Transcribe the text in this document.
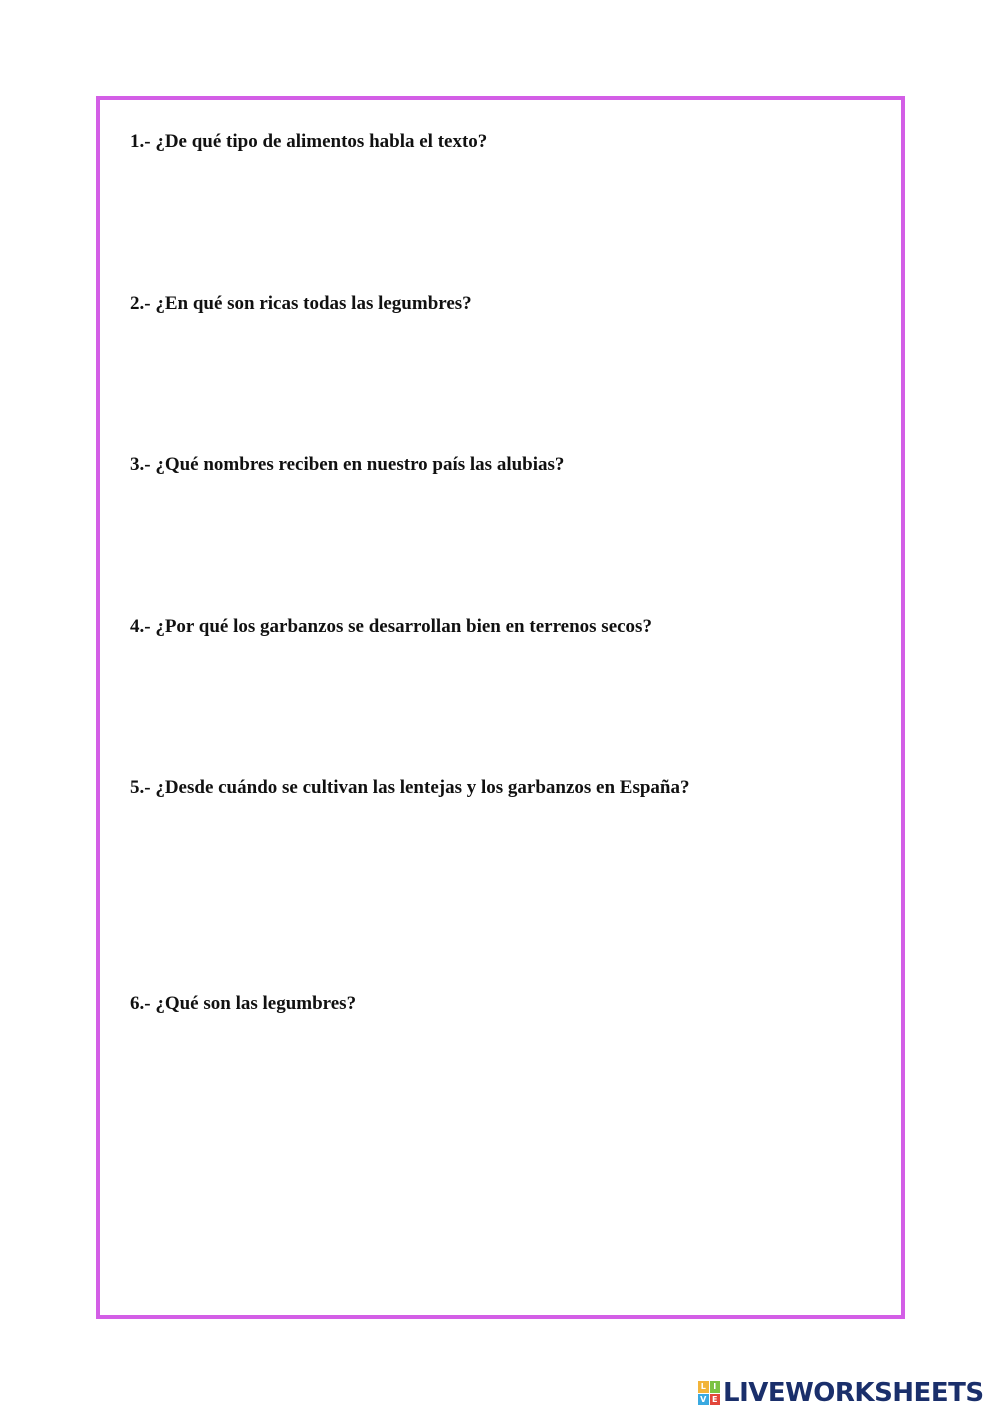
1.- ¿De qué tipo de alimentos habla el texto?
2.- ¿En qué son ricas todas las legumbres?
3.- ¿Qué nombres reciben en nuestro país las alubias?
4.- ¿Por qué los garbanzos se desarrollan bien en terrenos secos?
5.- ¿Desde cuándo se cultivan las lentejas y los garbanzos en España?
6.- ¿Qué son las legumbres?
L I
V E LIVEWORKSHEETS
